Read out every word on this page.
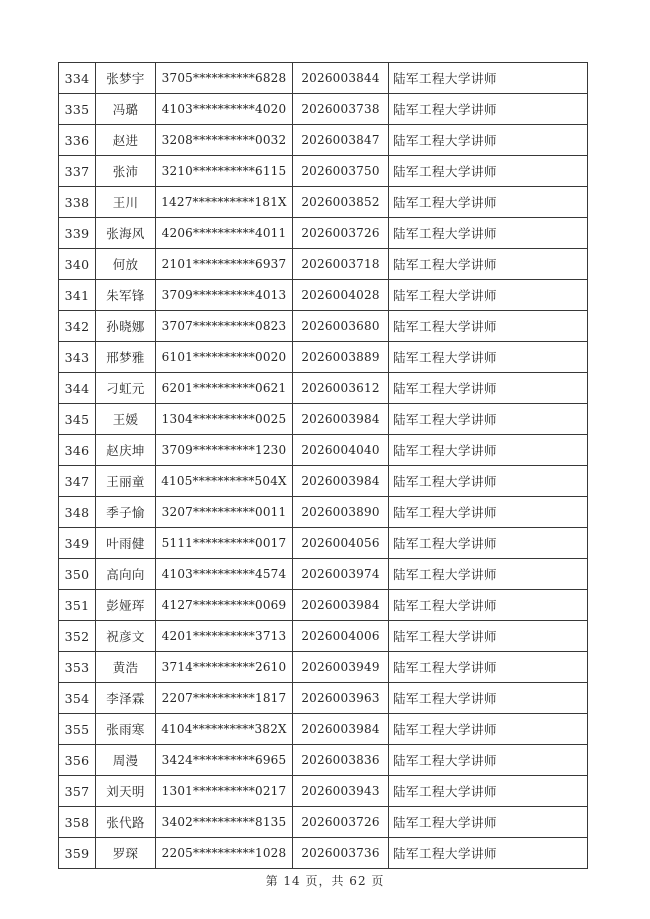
334	张梦宇	3705**********6828	2026003844	陆军工程大学讲师
335	冯璐	4103**********4020	2026003738	陆军工程大学讲师
336	赵进	3208**********0032	2026003847	陆军工程大学讲师
337	张沛	3210**********6115	2026003750	陆军工程大学讲师
338	王川	1427**********181X	2026003852	陆军工程大学讲师
339	张海风	4206**********4011	2026003726	陆军工程大学讲师
340	何放	2101**********6937	2026003718	陆军工程大学讲师
341	朱军锋	3709**********4013	2026004028	陆军工程大学讲师
342	孙晓娜	3707**********0823	2026003680	陆军工程大学讲师
343	邢梦雅	6101**********0020	2026003889	陆军工程大学讲师
344	刁虹元	6201**********0621	2026003612	陆军工程大学讲师
345	王媛	1304**********0025	2026003984	陆军工程大学讲师
346	赵庆坤	3709**********1230	2026004040	陆军工程大学讲师
347	王丽童	4105**********504X	2026003984	陆军工程大学讲师
348	季子愉	3207**********0011	2026003890	陆军工程大学讲师
349	叶雨健	5111**********0017	2026004056	陆军工程大学讲师
350	高向向	4103**********4574	2026003974	陆军工程大学讲师
351	彭娅珲	4127**********0069	2026003984	陆军工程大学讲师
352	祝彦文	4201**********3713	2026004006	陆军工程大学讲师
353	黄浩	3714**********2610	2026003949	陆军工程大学讲师
354	李泽霖	2207**********1817	2026003963	陆军工程大学讲师
355	张雨寒	4104**********382X	2026003984	陆军工程大学讲师
356	周漫	3424**********6965	2026003836	陆军工程大学讲师
357	刘天明	1301**********0217	2026003943	陆军工程大学讲师
358	张代路	3402**********8135	2026003726	陆军工程大学讲师
359	罗琛	2205**********1028	2026003736	陆军工程大学讲师
第 14 页，共 62 页
